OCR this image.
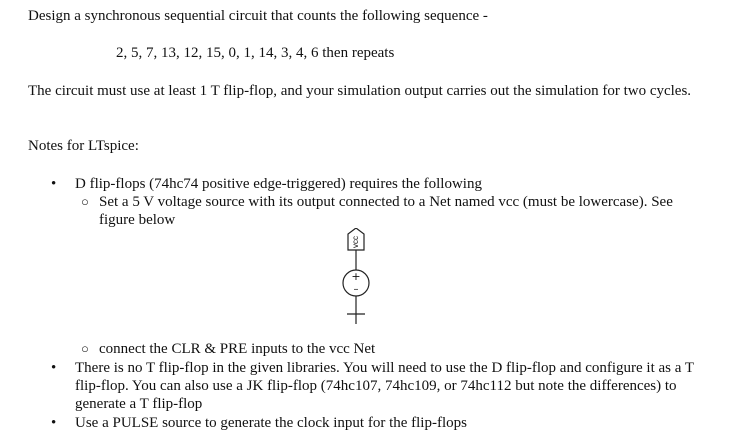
Design a synchronous sequential circuit that counts the following sequence -
2, 5, 7, 13, 12, 15, 0, 1, 14, 3, 4, 6 then repeats
The circuit must use at least 1 T flip-flop, and your simulation output carries out the simulation for two cycles.
Notes for LTspice:
• D flip-flops (74hc74 positive edge-triggered) requires the following
○ Set a 5 V voltage source with its output connected to a Net named vcc (must be lowercase). See figure below
vcc
+
–
○ connect the CLR & PRE inputs to the vcc Net
• There is no T flip-flop in the given libraries. You will need to use the D flip-flop and configure it as a T flip-flop. You can also use a JK flip-flop (74hc107, 74hc109, or 74hc112 but note the differences) to generate a T flip-flop
• Use a PULSE source to generate the clock input for the flip-flops
